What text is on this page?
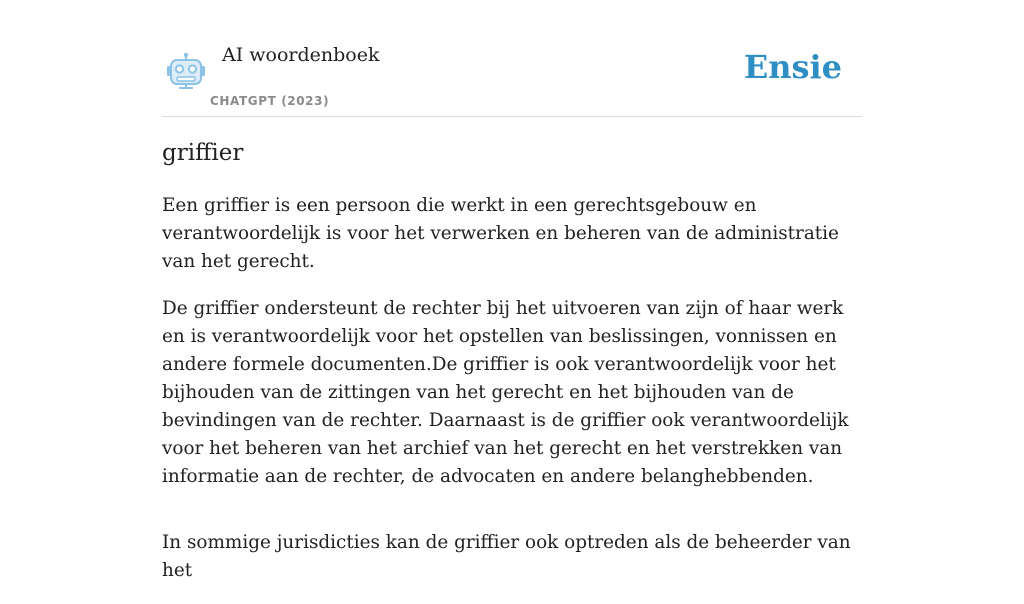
AI woordenboek
CHATGPT (2023)
Ensie
griffier

Een griffier is een persoon die werkt in een gerechtsgebouw en verantwoordelijk is voor het verwerken en beheren van de administratie van het gerecht.

De griffier ondersteunt de rechter bij het uitvoeren van zijn of haar werk en is verantwoordelijk voor het opstellen van beslissingen, vonnissen en andere formele documenten.De griffier is ook verantwoordelijk voor het bijhouden van de zittingen van het gerecht en het bijhouden van de bevindingen van de rechter. Daarnaast is de griffier ook verantwoordelijk voor het beheren van het archief van het gerecht en het verstrekken van informatie aan de rechter, de advocaten en andere belanghebbenden.

In sommige jurisdicties kan de griffier ook optreden als de beheerder van het
